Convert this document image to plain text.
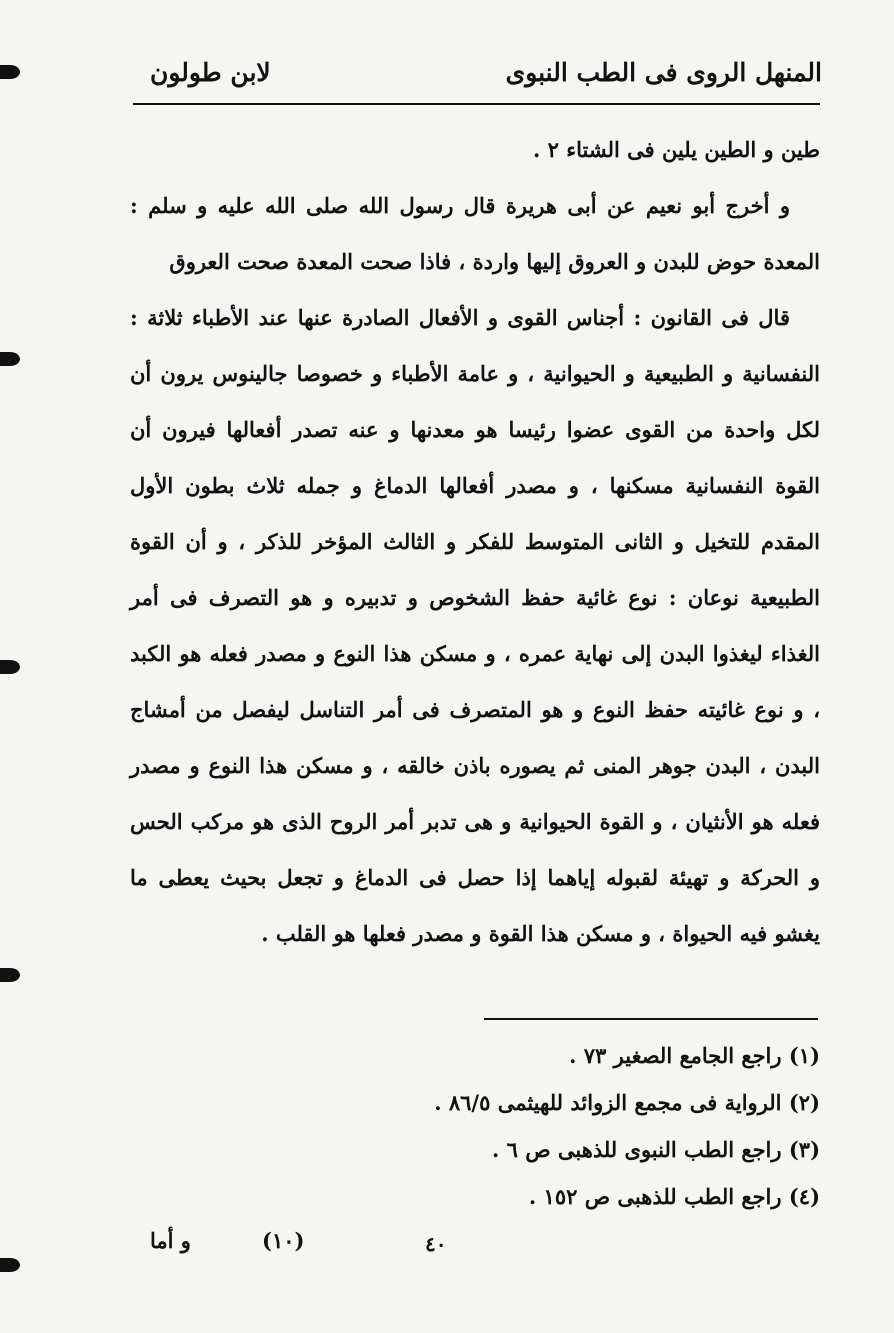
المنهل الروى فى الطب النبوى
لابن طولون

طين و الطين يلين فى الشتاء ٢ .

و أخرج أبو نعيم عن أبى هريرة قال رسول الله صلى الله عليه و سلم : المعدة حوض للبدن و العروق إليها واردة ، فاذا صحت المعدة صحت العروق

قال فى القانون : أجناس القوى و الأفعال الصادرة عنها عند الأطباء ثلاثة : النفسانية و الطبيعية و الحيوانية ، و عامة الأطباء و خصوصا جالينوس يرون أن لكل واحدة من القوى عضوا رئيسا هو معدنها و عنه تصدر أفعالها فيرون أن القوة النفسانية مسكنها ، و مصدر أفعالها الدماغ و جمله ثلاث بطون الأول المقدم للتخيل و الثانى المتوسط للفكر و الثالث المؤخر للذكر ، و أن القوة الطبيعية نوعان : نوع غائية حفظ الشخوص و تدبيره و هو التصرف فى أمر الغذاء ليغذوا البدن إلى نهاية عمره ، و مسكن هذا النوع و مصدر فعله هو الكبد ، و نوع غائيته حفظ النوع و هو المتصرف فى أمر التناسل ليفصل من أمشاج البدن ، البدن جوهر المنى ثم يصوره باذن خالقه ، و مسكن هذا النوع و مصدر فعله هو الأنثيان ، و القوة الحيوانية و هى تدبر أمر الروح الذى هو مركب الحس و الحركة و تهيئة لقبوله إياهما إذا حصل فى الدماغ و تجعل بحيث يعطى ما يغشو فيه الحيواة ، و مسكن هذا القوة و مصدر فعلها هو القلب .

(١) راجع الجامع الصغير ٧٣ .

(٢) الرواية فى مجمع الزوائد للهيثمى ٨٦/٥ .

(٣) راجع الطب النبوى للذهبى ص ٦ .

(٤) راجع الطب للذهبى ص ١٥٢ .

و أما	(١٠)	٤٠
